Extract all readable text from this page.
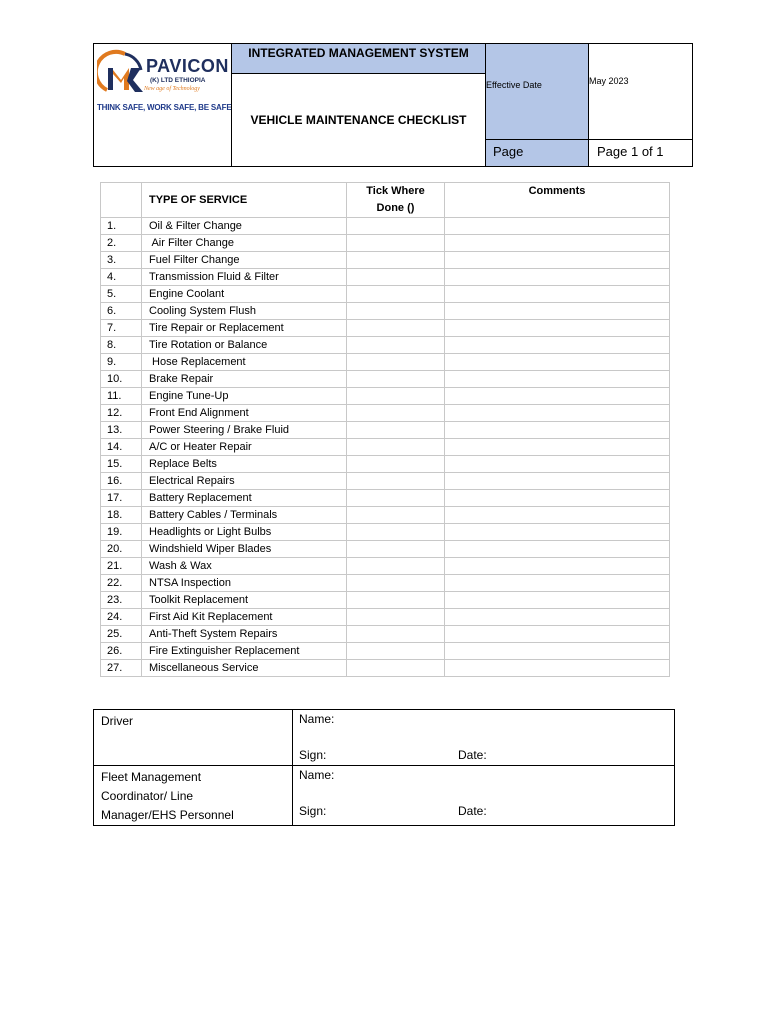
PAVICON
(K) LTD ETHIOPIA
New age of Technology
THINK SAFE, WORK SAFE, BE SAFE
INTEGRATED MANAGEMENT SYSTEM
VEHICLE MAINTENANCE CHECKLIST
Effective Date	May 2023
Page	Page 1 of 1
	TYPE OF SERVICE	Tick Where
Done ()	Comments
1.	Oil & Filter Change		
2.	Air Filter Change		
3.	Fuel Filter Change		
4.	Transmission Fluid & Filter		
5.	Engine Coolant		
6.	Cooling System Flush		
7.	Tire Repair or Replacement		
8.	Tire Rotation or Balance		
9.	Hose Replacement		
10.	Brake Repair		
11.	Engine Tune-Up		
12.	Front End Alignment		
13.	Power Steering / Brake Fluid		
14.	A/C or Heater Repair		
15.	Replace Belts		
16.	Electrical Repairs		
17.	Battery Replacement		
18.	Battery Cables / Terminals		
19.	Headlights or Light Bulbs		
20.	Windshield Wiper Blades		
21.	Wash & Wax		
22.	NTSA Inspection		
23.	Toolkit Replacement		
24.	First Aid Kit Replacement		
25.	Anti-Theft System Repairs		
26.	Fire Extinguisher Replacement		
27.	Miscellaneous Service		
Driver	Name:
Sign: Date:

Fleet Management
Coordinator/ Line
Manager/EHS Personnel	Name:
Sign: Date:
